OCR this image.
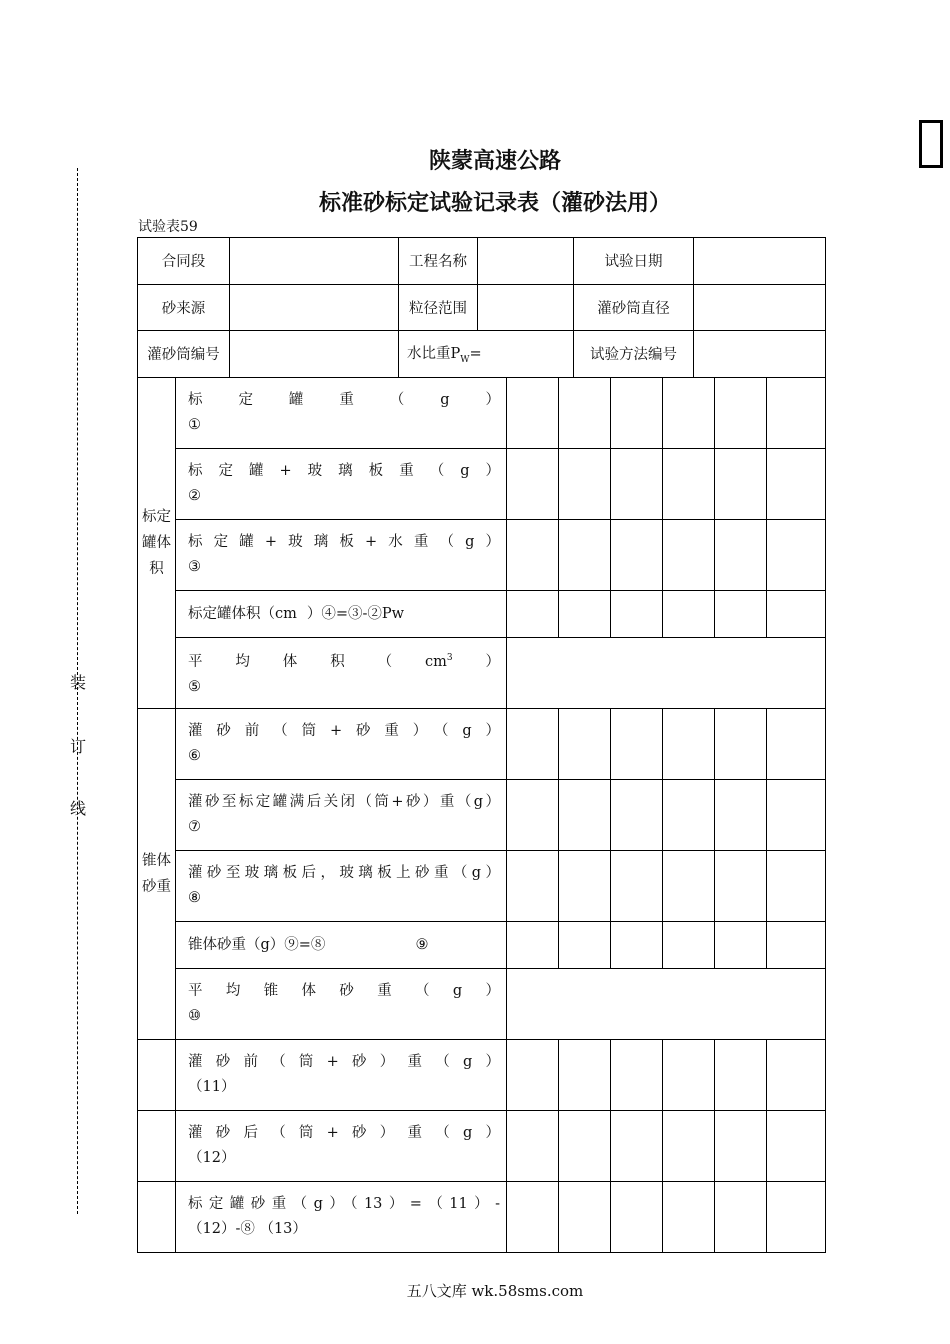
装
订
线
陕蒙高速公路
标准砂标定试验记录表（灌砂法用）
试验表59
合同段		工程名称		试验日期	
砂来源		粒径范围		灌砂筒直径	
灌砂筒编号		水比重$P_W=$		试验方法编号	
标定罐体积	标定罐重（g）
①						

	标定罐+玻璃板重（g）
②						

	标定罐+玻璃板+水重（g）
③						

	标定罐体积（cm ）④=③-②Pw						
	平均体积$(cm^3)$
⑤						

锥体砂重	灌砂前（筒+砂重）（g）
⑥						

	灌砂至标定罐满后关闭（筒+砂）重（g）
⑦						

	灌砂至玻璃板后，玻璃板上砂重（g）
⑧						

	锥体砂重（g）⑨=⑧ ⑨						
	平均锥体砂重（g）
⑩						

	灌砂前（筒+砂）重（g）
（11）						

	灌砂后（筒+砂）重（g）
（12）						

	标定罐砂重（g）（13）=（11）-
（12）-⑧ （13）						

五八文库 wk.58sms.com
